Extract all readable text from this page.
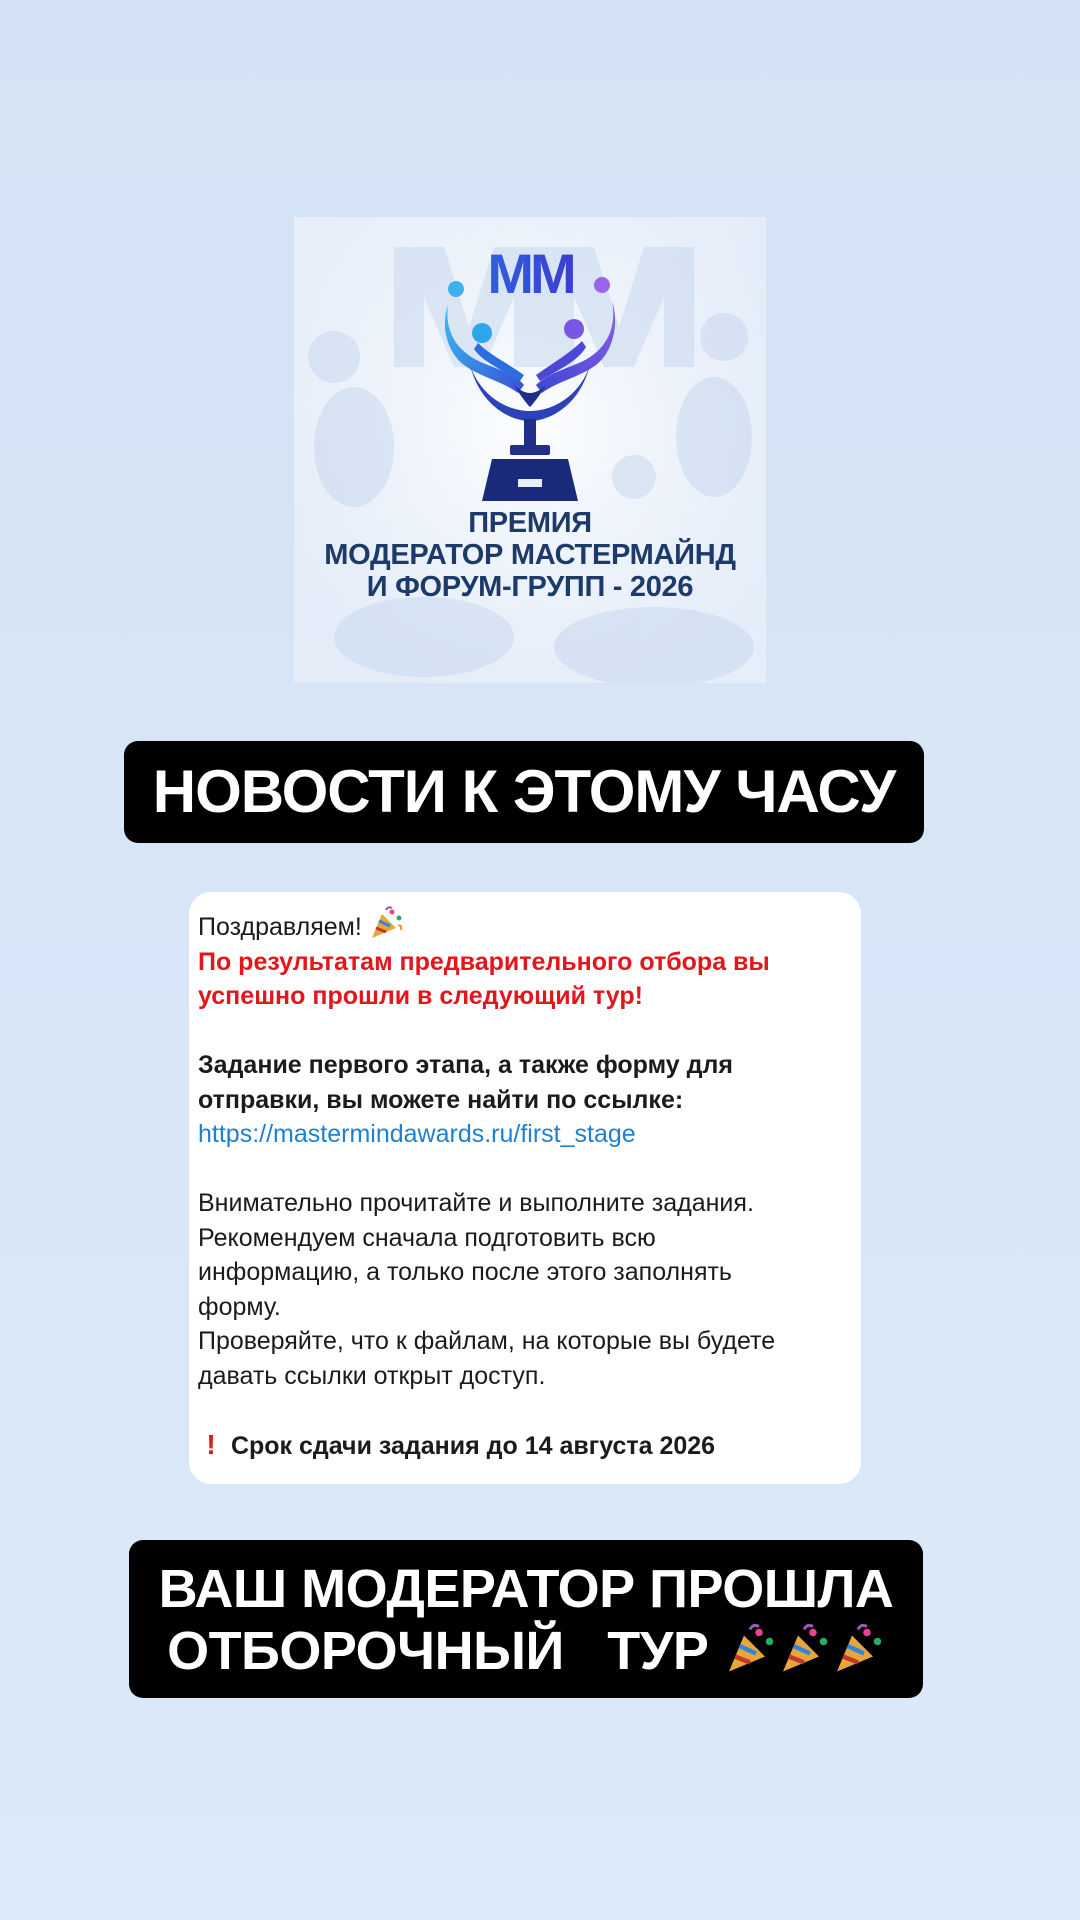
MM
ПРЕМИЯ
МОДЕРАТОР МАСТЕРМАЙНД
И ФОРУМ-ГРУПП - 2026
НОВОСТИ К ЭТОМУ ЧАСУ
Поздравляем!
По результатам предварительного отбора вы
успешно прошли в следующий тур!
Задание первого этапа, а также форму для
отправки, вы можете найти по ссылке:
https://mastermindawards.ru/first_stage
Внимательно прочитайте и выполните задания.
Рекомендуем сначала подготовить всю
информацию, а только после этого заполнять
форму.
Проверяйте, что к файлам, на которые вы будете
давать ссылки открыт доступ.
! Срок сдачи задания до 14 августа 2026
ВАШ МОДЕРАТОР ПРОШЛА
ОТБОРОЧНЫЙ   ТУР
